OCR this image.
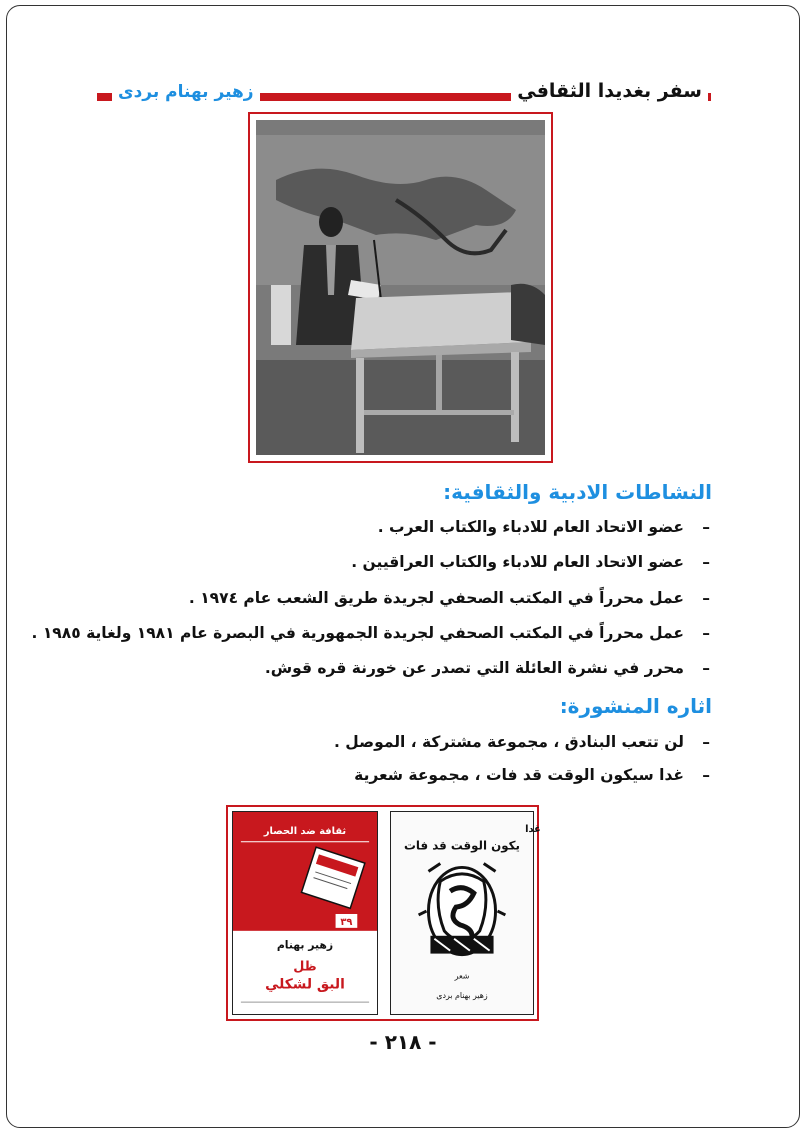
سفر بغديدا الثقافي
زهير بهنام بردى
النشاطات الادبية والثقافية:
–عضو الاتحاد العام للادباء والكتاب العرب .
–عضو الاتحاد العام للادباء والكتاب العراقيين .
–عمل محرراً في المكتب الصحفي لجريدة طريق الشعب عام ١٩٧٤ .
–عمل محرراً في المكتب الصحفي لجريدة الجمهورية في البصرة عام ١٩٨١ ولغاية ١٩٨٥ .
–محرر في نشرة العائلة التي تصدر عن خورنة قره قوش.
اثاره المنشورة:
–لن تتعب البنادق ، مجموعة مشتركة ، الموصل .
–غدا سيكون الوقت قد فات ، مجموعة شعرية
ثقافة ضد الحصار
٣٩
زهير بهنام
ظل
البق لشكلي
غدا
يكون الوقت قد فات
شعر
زهير بهنام بردى
- ٢١٨ -
